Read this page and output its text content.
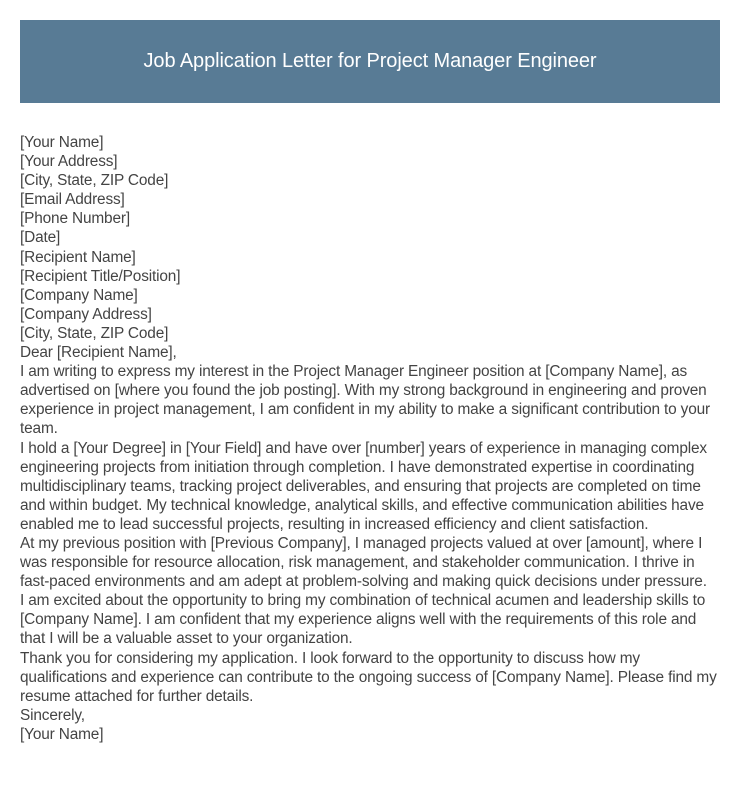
Job Application Letter for Project Manager Engineer
[Your Name]
[Your Address]
[City, State, ZIP Code]
[Email Address]
[Phone Number]
[Date]
[Recipient Name]
[Recipient Title/Position]
[Company Name]
[Company Address]
[City, State, ZIP Code]
Dear [Recipient Name],

I am writing to express my interest in the Project Manager Engineer position at [Company Name], as advertised on [where you found the job posting]. With my strong background in engineering and proven experience in project management, I am confident in my ability to make a significant contribution to your team.

I hold a [Your Degree] in [Your Field] and have over [number] years of experience in managing complex engineering projects from initiation through completion. I have demonstrated expertise in coordinating multidisciplinary teams, tracking project deliverables, and ensuring that projects are completed on time and within budget. My technical knowledge, analytical skills, and effective communication abilities have enabled me to lead successful projects, resulting in increased efficiency and client satisfaction.

At my previous position with [Previous Company], I managed projects valued at over [amount], where I was responsible for resource allocation, risk management, and stakeholder communication. I thrive in fast-paced environments and am adept at problem-solving and making quick decisions under pressure.

I am excited about the opportunity to bring my combination of technical acumen and leadership skills to [Company Name]. I am confident that my experience aligns well with the requirements of this role and that I will be a valuable asset to your organization.

Thank you for considering my application. I look forward to the opportunity to discuss how my qualifications and experience can contribute to the ongoing success of [Company Name]. Please find my resume attached for further details.

Sincerely,
[Your Name]
